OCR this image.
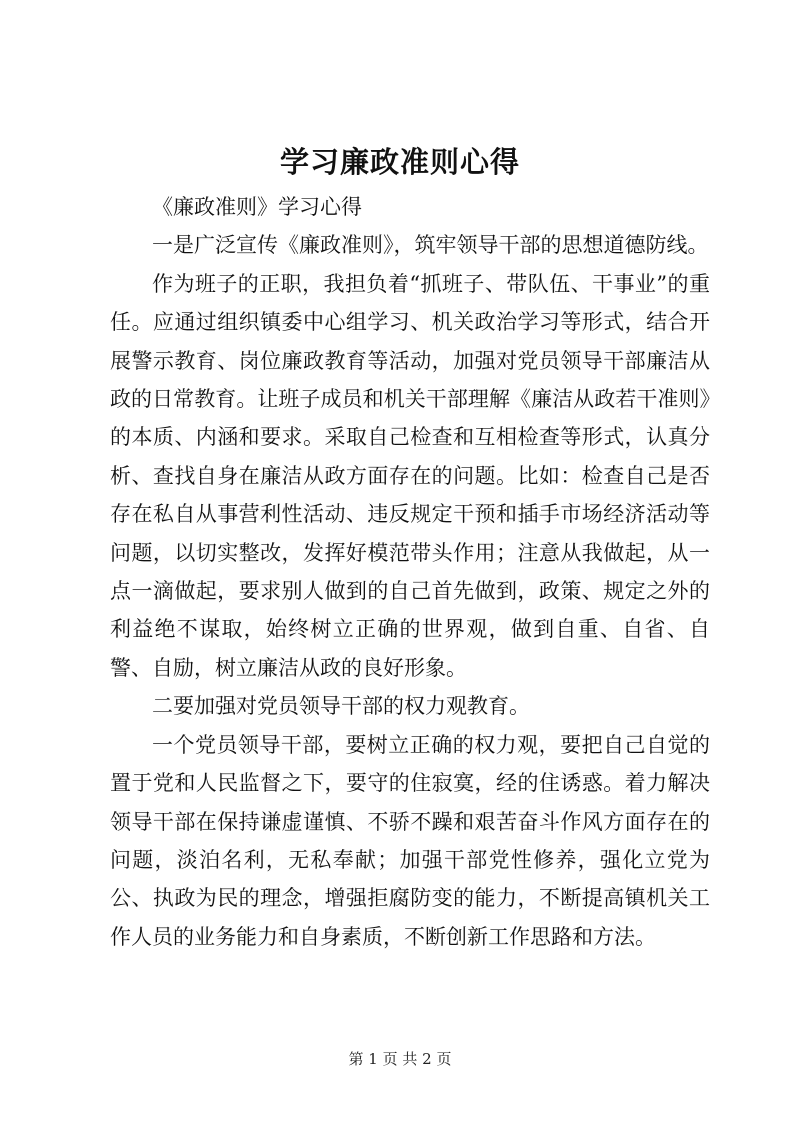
学习廉政准则心得

《廉政准则》学习心得

一是广泛宣传《廉政准则》，筑牢领导干部的思想道德防线。

作为班子的正职，我担负着“抓班子、带队伍、干事业”的重任。应通过组织镇委中心组学习、机关政治学习等形式，结合开展警示教育、岗位廉政教育等活动，加强对党员领导干部廉洁从政的日常教育。让班子成员和机关干部理解《廉洁从政若干准则》的本质、内涵和要求。采取自己检查和互相检查等形式，认真分析、查找自身在廉洁从政方面存在的问题。比如：检查自己是否存在私自从事营利性活动、违反规定干预和插手市场经济活动等问题，以切实整改，发挥好模范带头作用；注意从我做起，从一点一滴做起，要求别人做到的自己首先做到，政策、规定之外的利益绝不谋取，始终树立正确的世界观，做到自重、自省、自警、自励，树立廉洁从政的良好形象。

二要加强对党员领导干部的权力观教育。

一个党员领导干部，要树立正确的权力观，要把自己自觉的置于党和人民监督之下，要守的住寂寞，经的住诱惑。着力解决领导干部在保持谦虚谨慎、不骄不躁和艰苦奋斗作风方面存在的问题，淡泊名利，无私奉献；加强干部党性修养，强化立党为公、执政为民的理念，增强拒腐防变的能力，不断提高镇机关工作人员的业务能力和自身素质，不断创新工作思路和方法。

第 1 页 共 2 页
